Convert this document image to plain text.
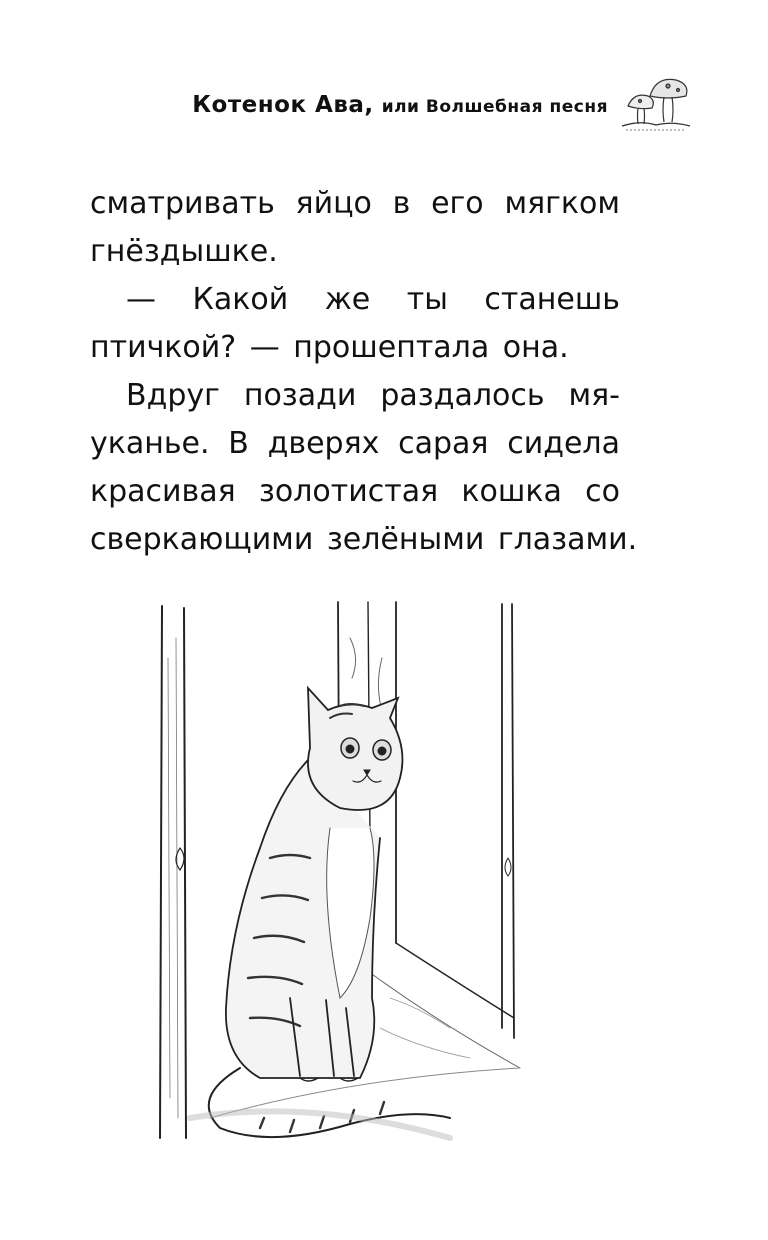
Котенок Ава, или Волшебная песня
сматривать яйцо в его мягком
гнёздышке.
— Какой же ты станешь
птичкой? — прошептала она.
Вдруг позади раздалось мя-
уканье. В дверях сарая сидела
красивая золотистая кошка со
сверкающими зелёными глазами.
